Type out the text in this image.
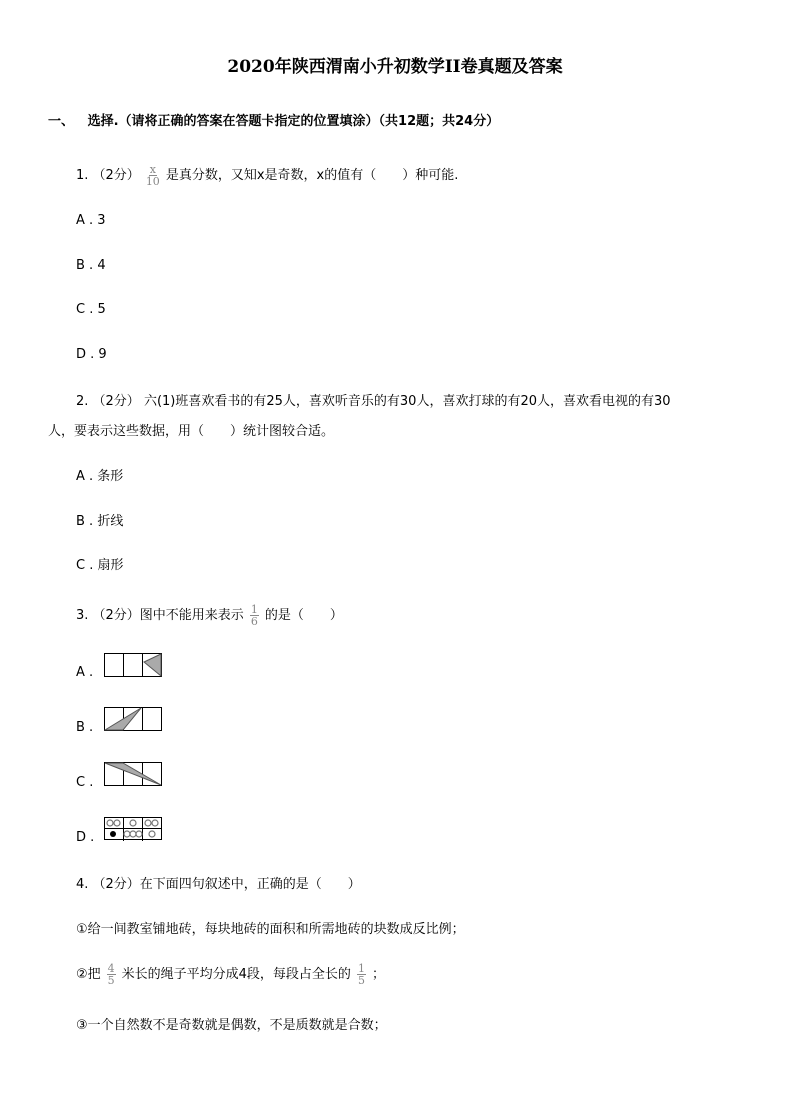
2020年陕西渭南小升初数学II卷真题及答案
一、 选择.（请将正确的答案在答题卡指定的位置填涂）（共12题；共24分）
1. （2分） $\frac{x}{10}$ 是真分数，又知x是奇数，x的值有（　　）种可能.
A . 3
B . 4
C . 5
D . 9
2. （2分） 六(1)班喜欢看书的有25人，喜欢听音乐的有30人，喜欢打球的有20人，喜欢看电视的有30
人，要表示这些数据，用（　　）统计图较合适。
A . 条形
B . 折线
C . 扇形
3. （2分）图中不能用来表示 $\frac{1}{6}$ 的是（　　）
A .
B .
C .
D .
4. （2分）在下面四句叙述中，正确的是（　　）
①给一间教室铺地砖，每块地砖的面积和所需地砖的块数成反比例；
②把 $\frac{4}{5}$ 米长的绳子平均分成4段，每段占全长的 $\frac{1}{5}$ ；
③一个自然数不是奇数就是偶数，不是质数就是合数；
